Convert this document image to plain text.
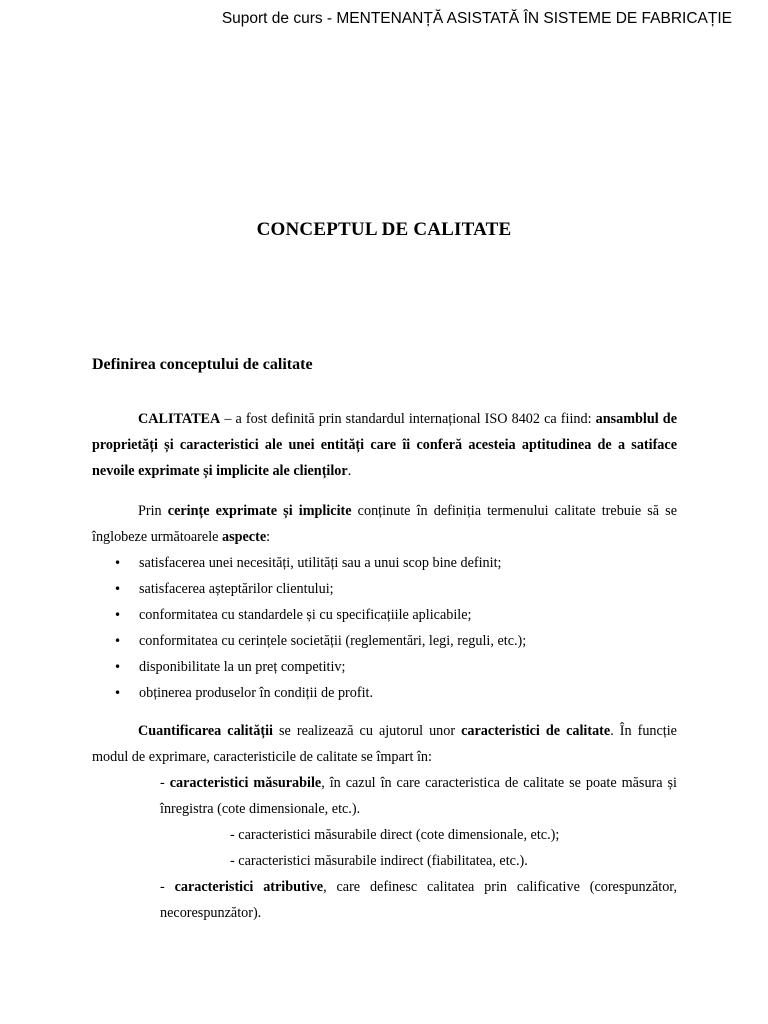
Suport de curs - MENTENANȚĂ ASISTATĂ ÎN SISTEME DE FABRICAȚIE
CONCEPTUL DE CALITATE
Definirea conceptului de calitate

CALITATEA – a fost definită prin standardul internațional ISO 8402 ca fiind: ansamblul de proprietăți și caracteristici ale unei entități care îi conferă acesteia aptitudinea de a satiface nevoile exprimate și implicite ale clienților.

Prin cerințe exprimate și implicite conținute în definiția termenului calitate trebuie să se înglobeze următoarele aspecte:

• satisfacerea unei necesități, utilități sau a unui scop bine definit;
• satisfacerea așteptărilor clientului;
• conformitatea cu standardele și cu specificațiile aplicabile;
• conformitatea cu cerințele societății (reglementări, legi, reguli, etc.);
• disponibilitate la un preț competitiv;
• obținerea produselor în condiții de profit.

Cuantificarea calității se realizează cu ajutorul unor caracteristici de calitate. În funcție modul de exprimare, caracteristicile de calitate se împart în:

- caracteristici măsurabile, în cazul în care caracteristica de calitate se poate măsura și înregistra (cote dimensionale, etc.).

- caracteristici măsurabile direct (cote dimensionale, etc.);
- caracteristici măsurabile indirect (fiabilitatea, etc.).

- caracteristici atributive, care definesc calitatea prin calificative (corespunzător, necorespunzător).
